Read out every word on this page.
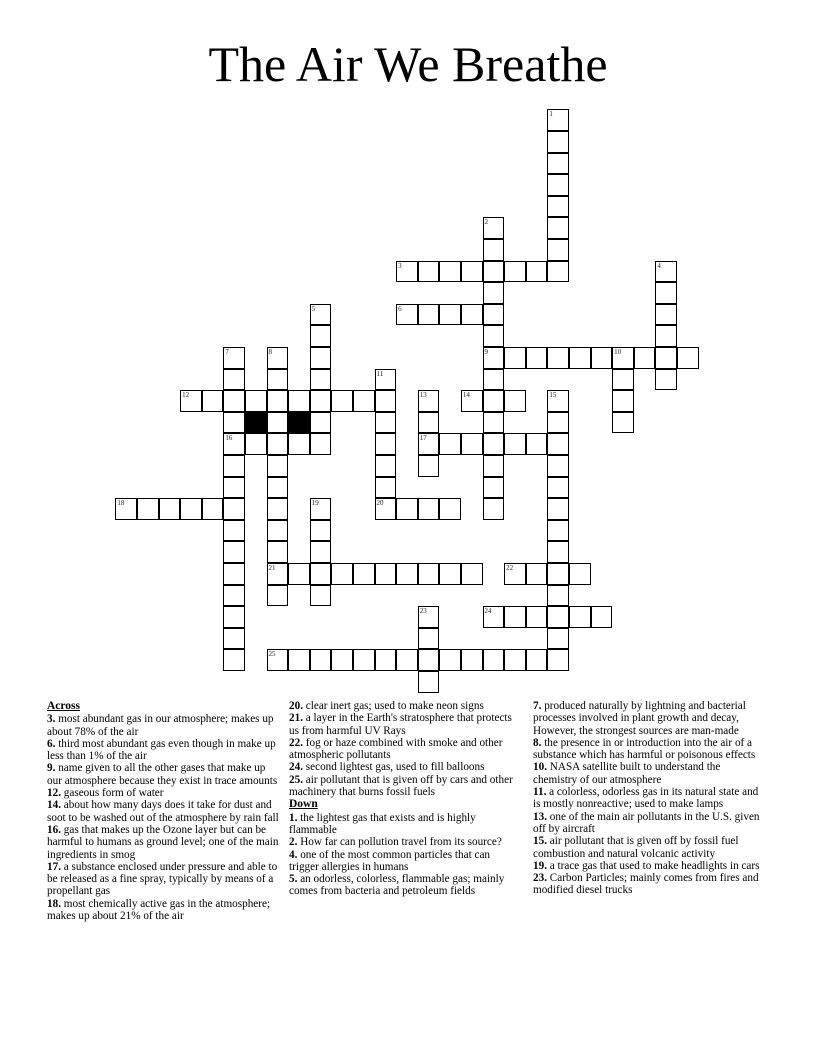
The Air We Breathe
1
2
9
3	4
5	6
7
16
8
21
10
11
20
12	13
17
14	15
18	19
22
23	24
25
Across
3. most abundant gas in our atmosphere; makes up about 78% of the air
6. third most abundant gas even though in make up less than 1% of the air
9. name given to all the other gases that make up our atmosphere because they exist in trace amounts
12. gaseous form of water
14. about how many days does it take for dust and soot to be washed out of the atmosphere by rain fall
16. gas that makes up the Ozone layer but can be harmful to humans as ground level; one of the main ingredients in smog
17. a substance enclosed under pressure and able to be released as a fine spray, typically by means of a propellant gas
18. most chemically active gas in the atmosphere; makes up about 21% of the air
20. clear inert gas; used to make neon signs
21. a layer in the Earth's stratosphere that protects us from harmful UV Rays
22. fog or haze combined with smoke and other atmospheric pollutants
24. second lightest gas, used to fill balloons
25. air pollutant that is given off by cars and other machinery that burns fossil fuels
Down
1. the lightest gas that exists and is highly flammable
2. How far can pollution travel from its source?
4. one of the most common particles that can trigger allergies in humans
5. an odorless, colorless, flammable gas; mainly comes from bacteria and petroleum fields
7. produced naturally by lightning and bacterial processes involved in plant growth and decay, However, the strongest sources are man-made
8. the presence in or introduction into the air of a substance which has harmful or poisonous effects
10. NASA satellite built to understand the chemistry of our atmosphere
11. a colorless, odorless gas in its natural state and is mostly nonreactive; used to make lamps
13. one of the main air pollutants in the U.S. given off by aircraft
15. air pollutant that is given off by fossil fuel combustion and natural volcanic activity
19. a trace gas that used to make headlights in cars
23. Carbon Particles; mainly comes from fires and modified diesel trucks
